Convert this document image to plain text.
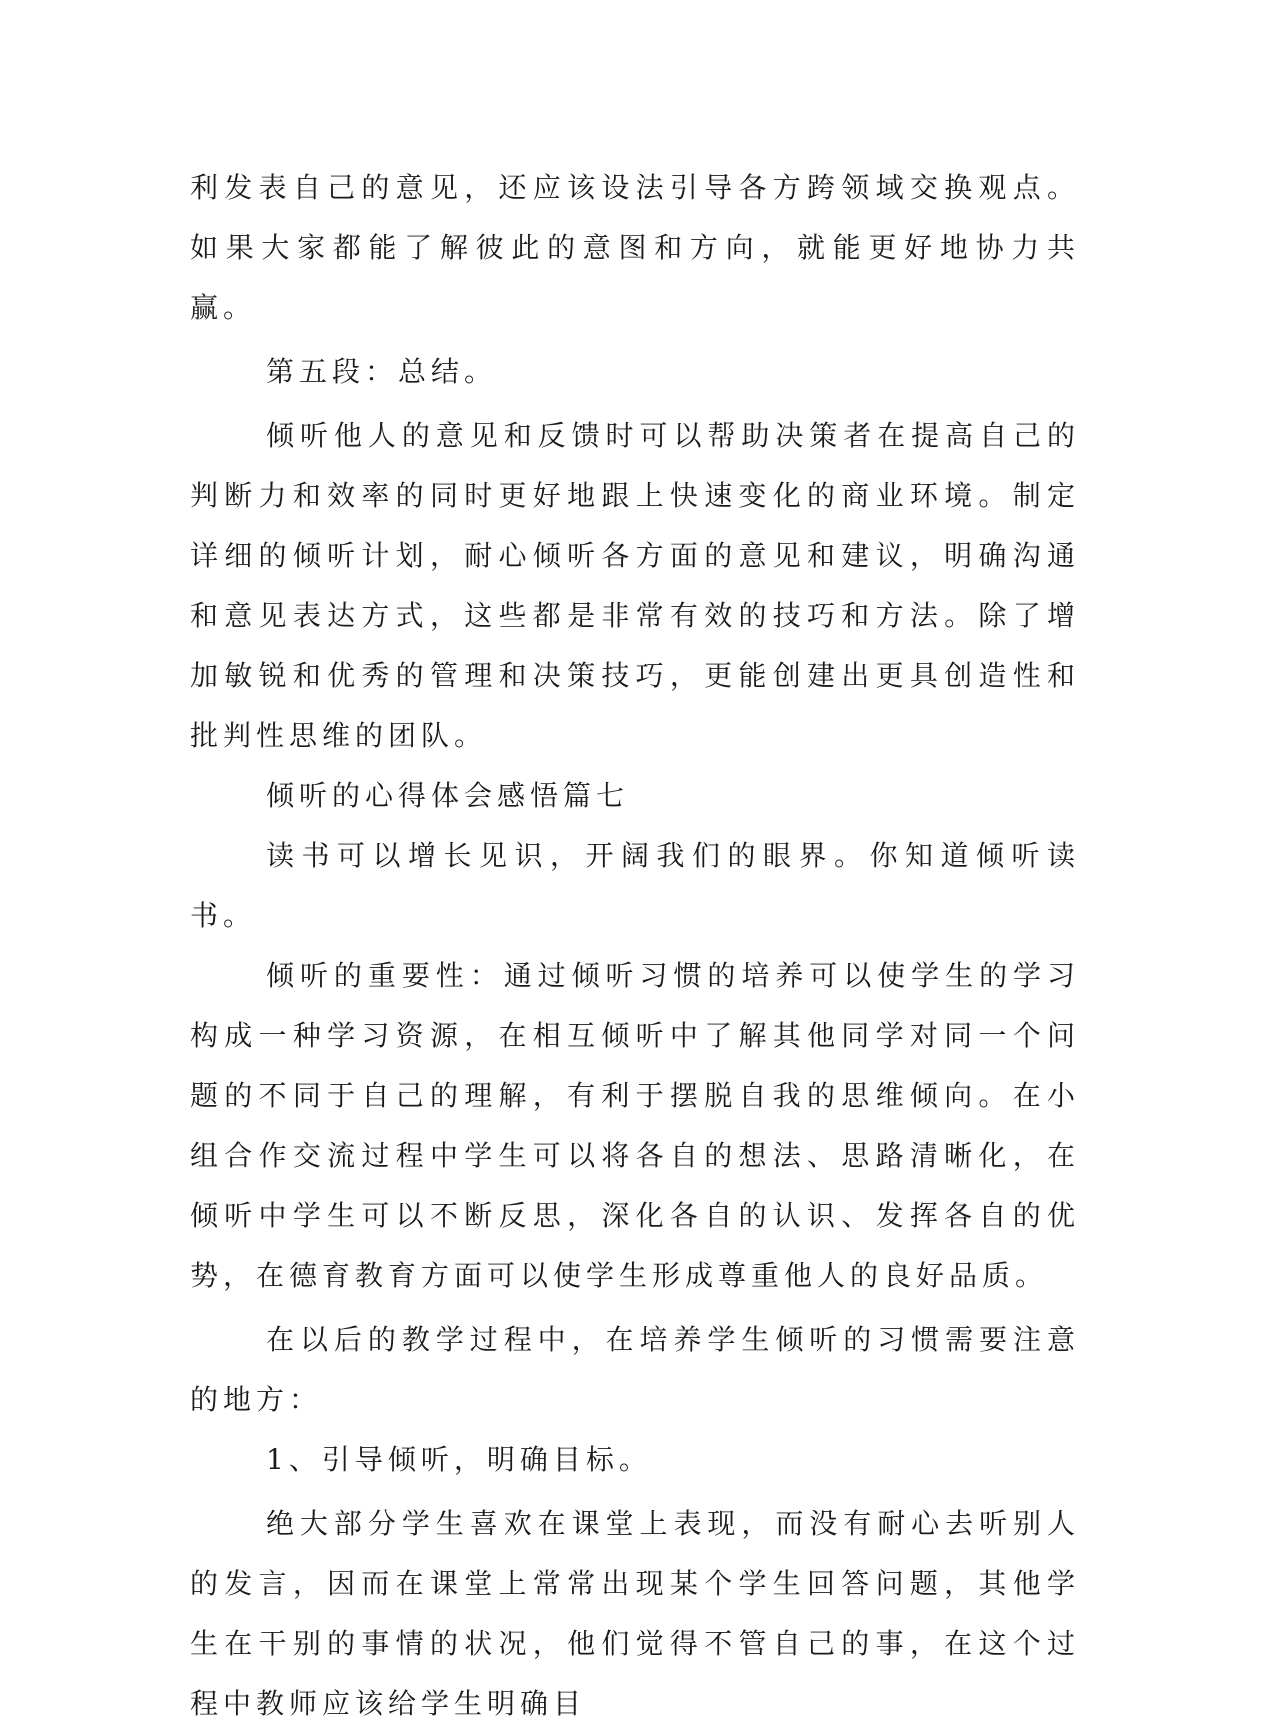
利发表自己的意见，还应该设法引导各方跨领域交换观点。如果大家都能了解彼此的意图和方向，就能更好地协力共赢。

第五段：总结。

倾听他人的意见和反馈时可以帮助决策者在提高自己的判断力和效率的同时更好地跟上快速变化的商业环境。制定详细的倾听计划，耐心倾听各方面的意见和建议，明确沟通和意见表达方式，这些都是非常有效的技巧和方法。除了增加敏锐和优秀的管理和决策技巧，更能创建出更具创造性和批判性思维的团队。

倾听的心得体会感悟篇七

读书可以增长见识，开阔我们的眼界。你知道倾听读书。

倾听的重要性：通过倾听习惯的培养可以使学生的学习构成一种学习资源，在相互倾听中了解其他同学对同一个问题的不同于自己的理解，有利于摆脱自我的思维倾向。在小组合作交流过程中学生可以将各自的想法、思路清晰化，在倾听中学生可以不断反思，深化各自的认识、发挥各自的优势，在德育教育方面可以使学生形成尊重他人的良好品质。

在以后的教学过程中，在培养学生倾听的习惯需要注意的地方：

1、引导倾听，明确目标。

绝大部分学生喜欢在课堂上表现，而没有耐心去听别人的发言，因而在课堂上常常出现某个学生回答问题，其他学生在干别的事情的状况，他们觉得不管自己的事，在这个过程中教师应该给学生明确目
